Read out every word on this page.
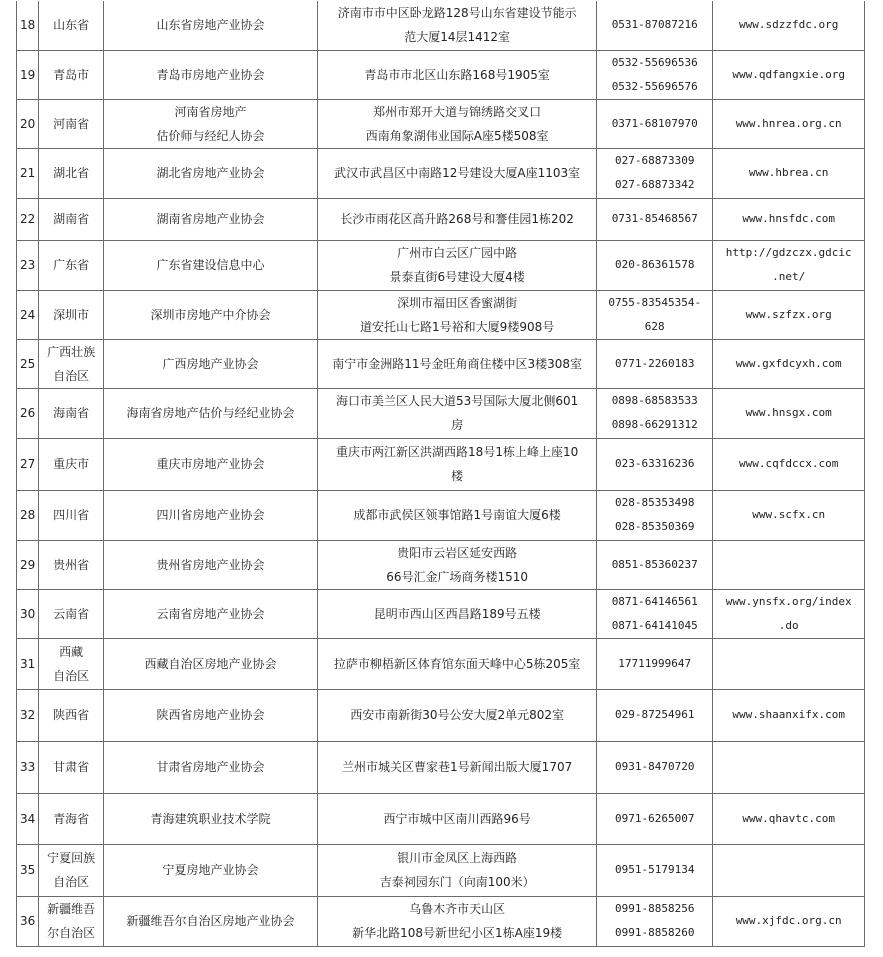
18	山东省	山东省房地产业协会	济南市市中区卧龙路128号山东省建设节能示
范大厦14层1412室	0531-87087216	www.sdzzfdc.org

19	青岛市	青岛市房地产业协会	青岛市市北区山东路168号1905室	0532-55696536
0532-55696576	www.qdfangxie.org

20	河南省	河南省房地产
估价师与经纪人协会	郑州市郑开大道与锦绣路交叉口
西南角象湖伟业国际A座5楼508室	0371-68107970	www.hnrea.org.cn

21	湖北省	湖北省房地产业协会	武汉市武昌区中南路12号建设大厦A座1103室	027-68873309
027-68873342	www.hbrea.cn

22	湖南省	湖南省房地产业协会	长沙市雨花区高升路268号和謇佳园1栋202	0731-85468567	www.hnsfdc.com

23	广东省	广东省建设信息中心	广州市白云区广园中路
景泰直街6号建设大厦4楼	020-86361578	http://gdzczx.gdcic
.net/

24	深圳市	深圳市房地产中介协会	深圳市福田区香蜜湖街
道安托山七路1号裕和大厦9楼908号	0755-83545354-
628	www.szfzx.org

25	广西壮族
自治区	广西房地产业协会	南宁市金洲路11号金旺角商住楼中区3楼308室	0771-2260183	www.gxfdcyxh.com

26	海南省	海南省房地产估价与经纪业协会	海口市美兰区人民大道53号国际大厦北侧601
房	0898-68583533
0898-66291312	www.hnsgx.com

27	重庆市	重庆市房地产业协会	重庆市两江新区洪湖西路18号1栋上峰上座10
楼	023-63316236	www.cqfdccx.com

28	四川省	四川省房地产业协会	成都市武侯区领事馆路1号南谊大厦6楼	028-85353498
028-85350369	www.scfx.cn

29	贵州省	贵州省房地产业协会	贵阳市云岩区延安西路
66号汇金广场商务楼1510	0851-85360237	

30	云南省	云南省房地产业协会	昆明市西山区西昌路189号五楼	0871-64146561
0871-64141045	www.ynsfx.org/index
.do

31	西藏
自治区	西藏自治区房地产业协会	拉萨市柳梧新区体育馆东面天峰中心5栋205室	17711999647	

32	陕西省	陕西省房地产业协会	西安市南新街30号公安大厦2单元802室	029-87254961	www.shaanxifx.com

33	甘肃省	甘肃省房地产业协会	兰州市城关区曹家巷1号新闻出版大厦1707	0931-8470720	

34	青海省	青海建筑职业技术学院	西宁市城中区南川西路96号	0971-6265007	www.qhavtc.com

35	宁夏回族
自治区	宁夏房地产业协会	银川市金凤区上海西路
吉泰祠园东门（向南100米）	0951-5179134	

36	新疆维吾
尔自治区	新疆维吾尔自治区房地产业协会	乌鲁木齐市天山区
新华北路108号新世纪小区1栋A座19楼	0991-8858256
0991-8858260	www.xjfdc.org.cn
